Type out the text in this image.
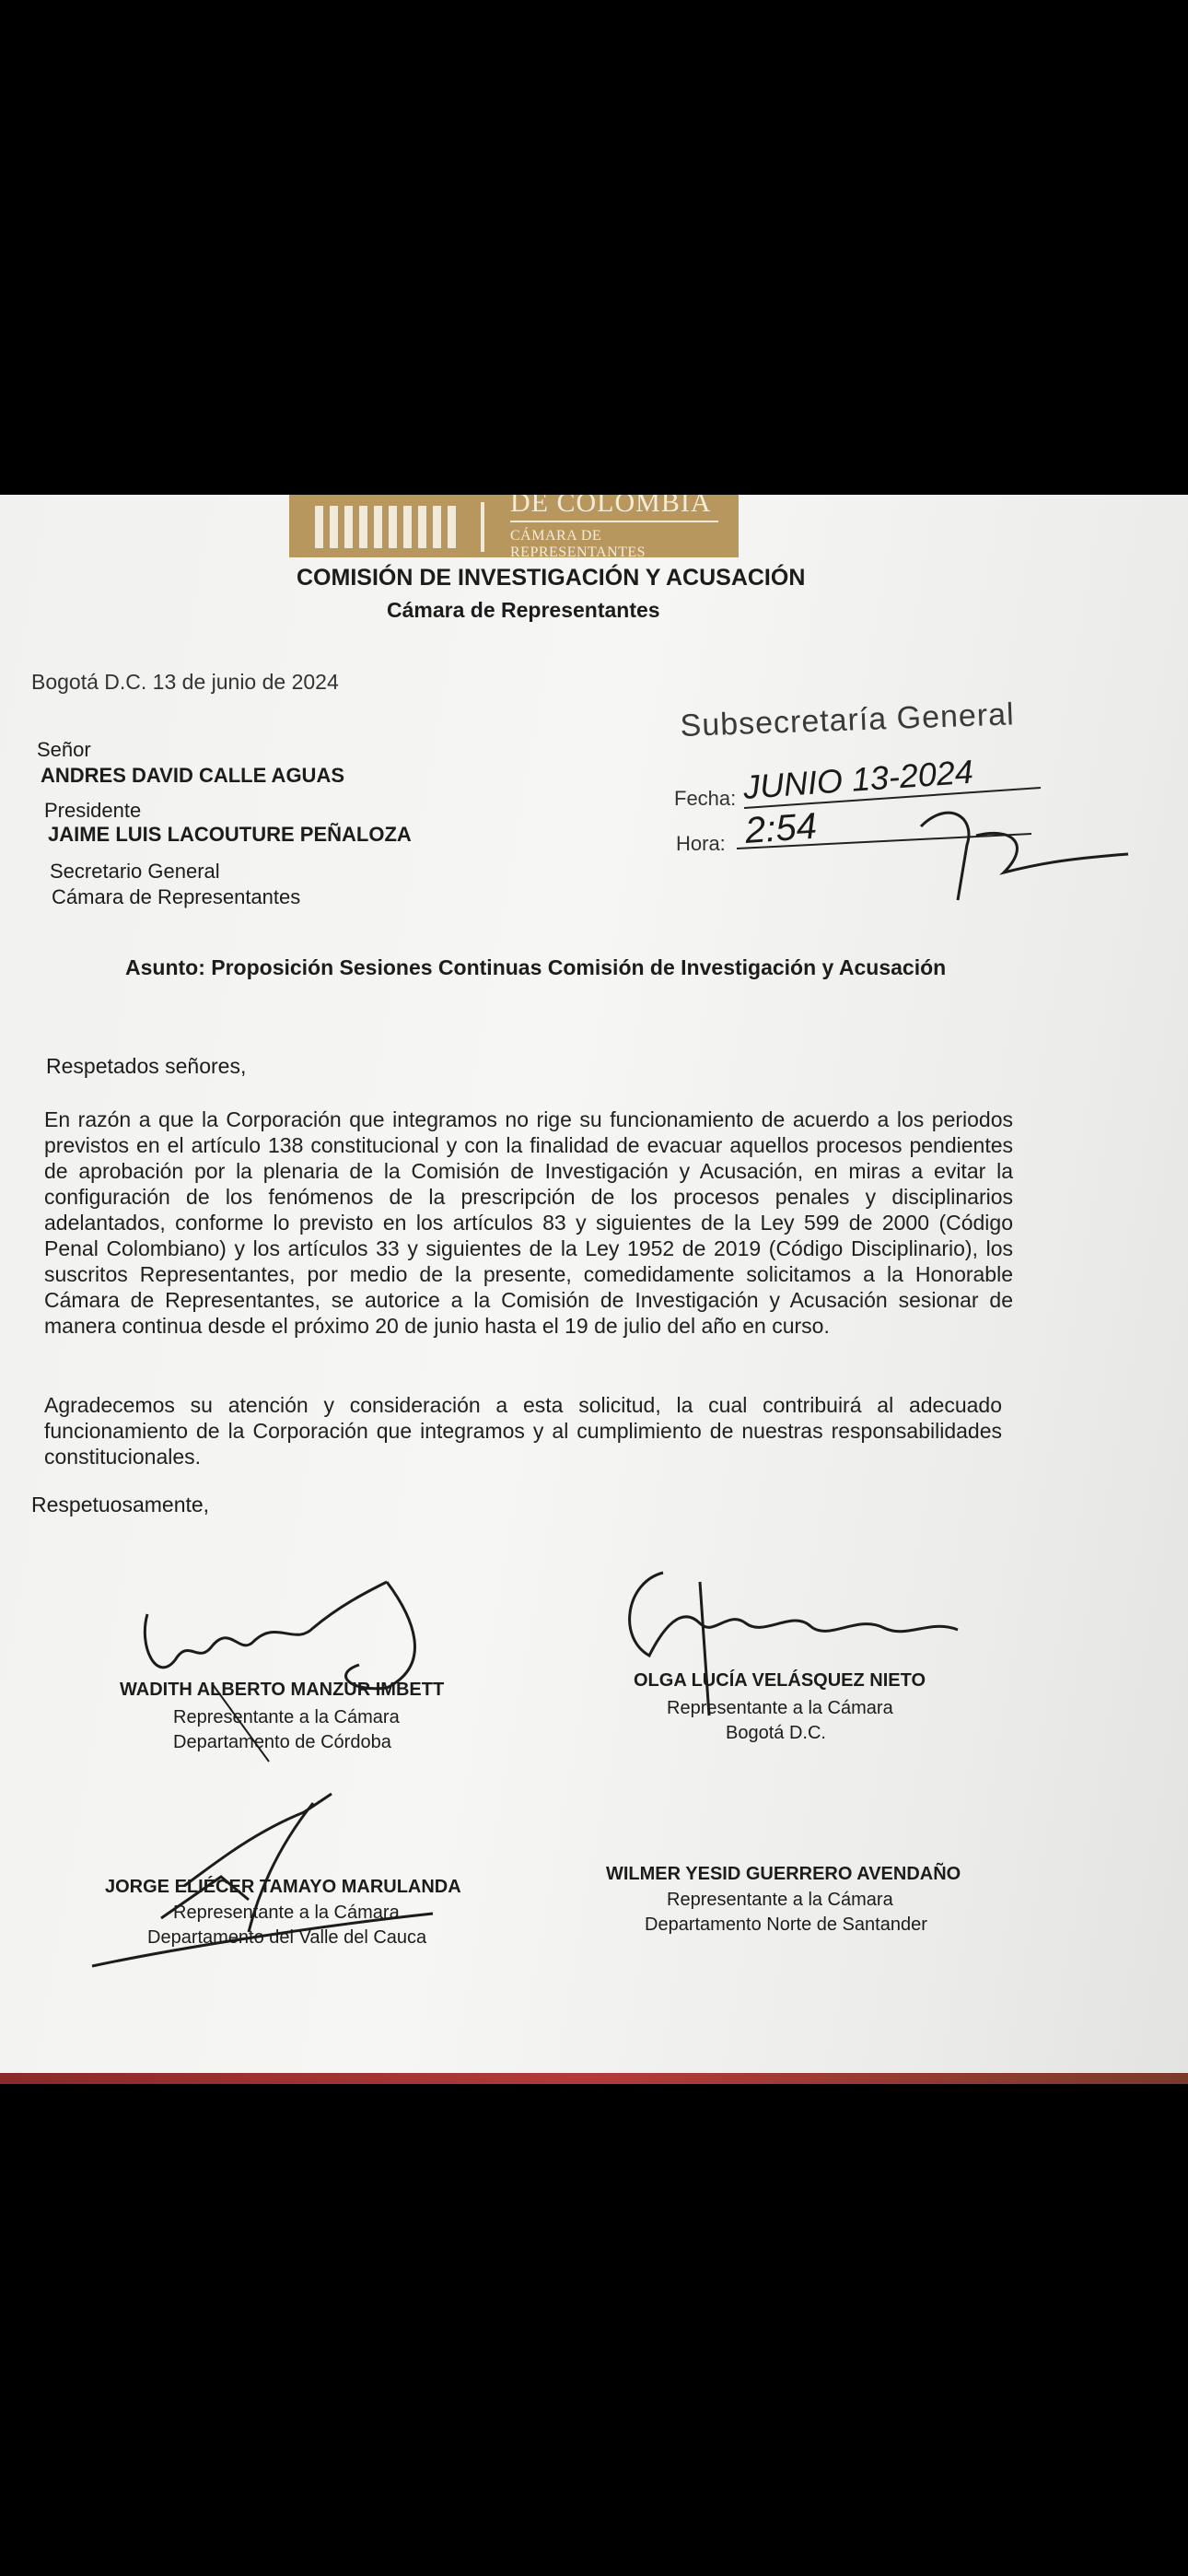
DE COLOMBIA
CÁMARA DE REPRESENTANTES
COMISIÓN DE INVESTIGACIÓN Y ACUSACIÓN
Cámara de Representantes
Bogotá D.C. 13 de junio de 2024
Señor
ANDRES DAVID CALLE AGUAS
Presidente
JAIME LUIS LACOUTURE PEÑALOZA
Secretario General
Cámara de Representantes
Subsecretaría General
Fecha:
Hora:
Asunto: Proposición Sesiones Continuas Comisión de Investigación y Acusación
Respetados señores,

En razón a que la Corporación que integramos no rige su funcionamiento de acuerdo a los periodos previstos en el artículo 138 constitucional y con la finalidad de evacuar aquellos procesos pendientes de aprobación por la plenaria de la Comisión de Investigación y Acusación, en miras a evitar la configuración de los fenómenos de la prescripción de los procesos penales y disciplinarios adelantados, conforme lo previsto en los artículos 83 y siguientes de la Ley 599 de 2000 (Código Penal Colombiano) y los artículos 33 y siguientes de la Ley 1952 de 2019 (Código Disciplinario), los suscritos Representantes, por medio de la presente, comedidamente solicitamos a la Honorable Cámara de Representantes, se autorice a la Comisión de Investigación y Acusación sesionar de manera continua desde el próximo 20 de junio hasta el 19 de julio del año en curso.

Agradecemos su atención y consideración a esta solicitud, la cual contribuirá al adecuado funcionamiento de la Corporación que integramos y al cumplimiento de nuestras responsabilidades constitucionales.

Respetuosamente,
WADITH ALBERTO MANZUR IMBETT
Representante a la Cámara
Departamento de Córdoba
OLGA LUCÍA VELÁSQUEZ NIETO
Representante a la Cámara
Bogotá D.C.
JORGE ELIÉCER TAMAYO MARULANDA
Representante a la Cámara
Departamento del Valle del Cauca
WILMER YESID GUERRERO AVENDAÑO
Representante a la Cámara
Departamento Norte de Santander
JUNIO 13-2024
2:54
